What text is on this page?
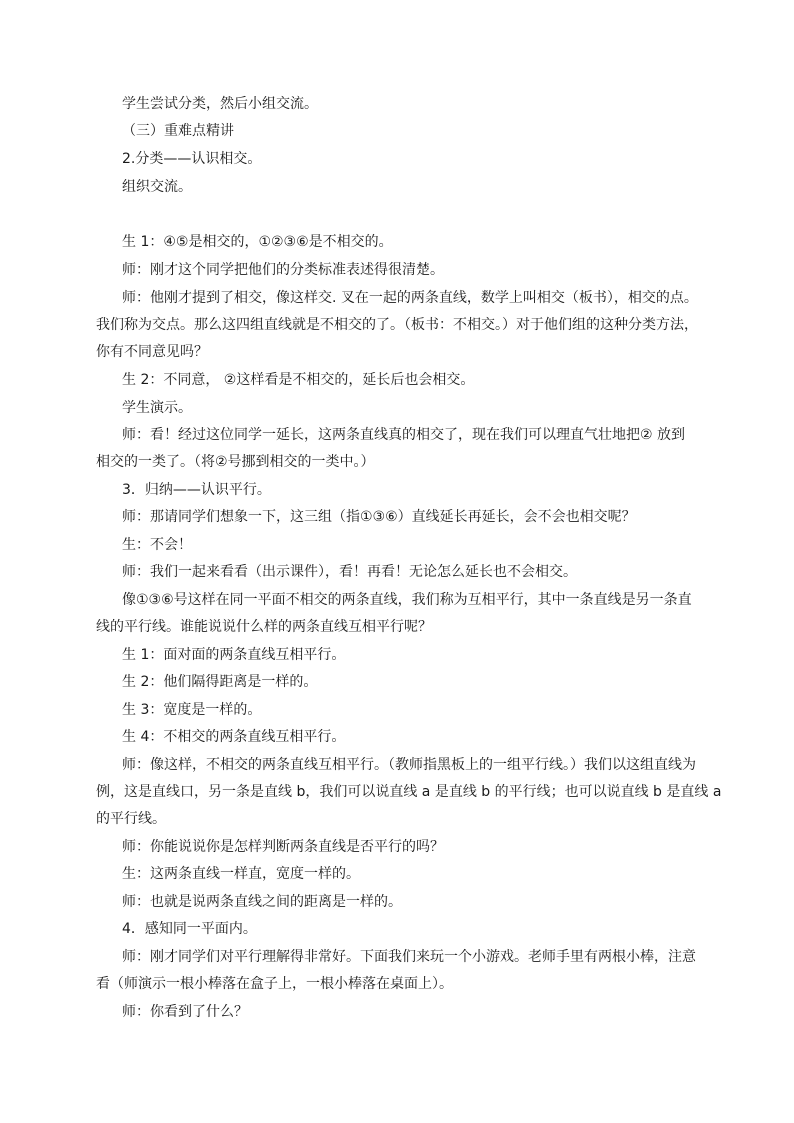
学生尝试分类，然后小组交流。
（三）重难点精讲
2.分类——认识相交。
组织交流。
生 1：④⑤是相交的，①②③⑥是不相交的。
师：刚才这个同学把他们的分类标准表述得很清楚。
师：他刚才提到了相交，像这样交. 叉在一起的两条直线，数学上叫相交（板书），相交的点。
我们称为交点。那么这四组直线就是不相交的了。（板书：不相交。）对于他们组的这种分类方法，
你有不同意见吗？
生 2：不同意， ②这样看是不相交的，延长后也会相交。
学生演示。
师：看！经过这位同学一延长，这两条直线真的相交了，现在我们可以理直气壮地把② 放到
相交的一类了。（将②号挪到相交的一类中。）
3．归纳——认识平行。
师：那请同学们想象一下，这三组（指①③⑥）直线延长再延长，会不会也相交呢？
生：不会！
师：我们一起来看看（出示课件），看！再看！无论怎么延长也不会相交。
像①③⑥号这样在同一平面不相交的两条直线，我们称为互相平行，其中一条直线是另一条直
线的平行线。谁能说说什么样的两条直线互相平行呢？
生 1：面对面的两条直线互相平行。
生 2：他们隔得距离是一样的。
生 3：宽度是一样的。
生 4：不相交的两条直线互相平行。
师：像这样，不相交的两条直线互相平行。（教师指黑板上的一组平行线。）我们以这组直线为
例，这是直线口，另一条是直线 b，我们可以说直线 a 是直线 b 的平行线；也可以说直线 b 是直线 a
的平行线。
师：你能说说你是怎样判断两条直线是否平行的吗？
生：这两条直线一样直，宽度一样的。
师：也就是说两条直线之间的距离是一样的。
4．感知同一平面内。
师：刚才同学们对平行理解得非常好。下面我们来玩一个小游戏。老师手里有两根小棒，注意
看（师演示一根小棒落在盒子上，一根小棒落在桌面上）。
师：你看到了什么？
